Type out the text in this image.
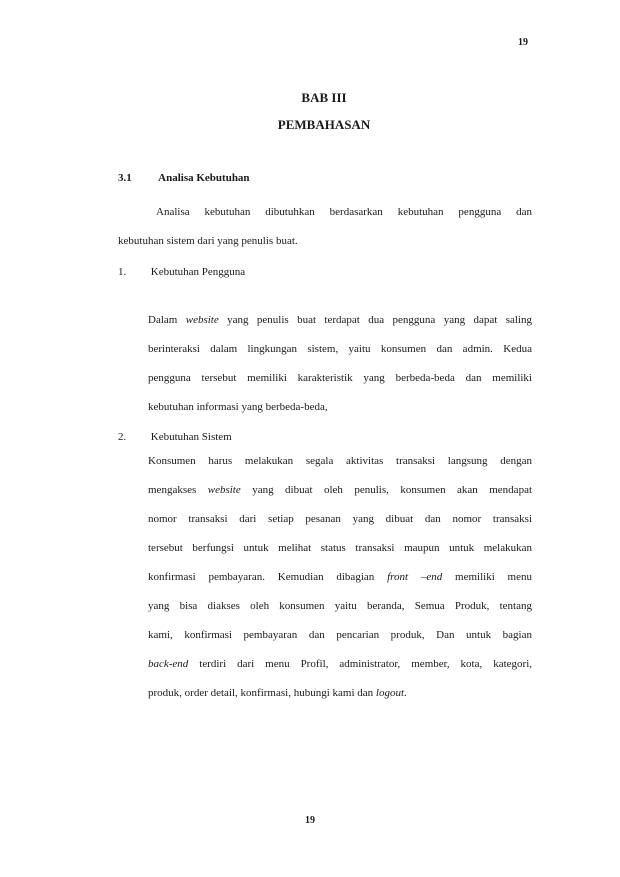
19
BAB III
PEMBAHASAN
3.1 Analisa Kebutuhan
Analisa kebutuhan dibutuhkan berdasarkan kebutuhan pengguna dan
kebutuhan sistem dari yang penulis buat.
1. Kebutuhan Pengguna
Dalam website yang penulis buat terdapat dua pengguna yang dapat saling
berinteraksi dalam lingkungan sistem, yaitu konsumen dan admin. Kedua
pengguna tersebut memiliki karakteristik yang berbeda-beda dan memiliki
kebutuhan informasi yang berbeda-beda,
2. Kebutuhan Sistem
Konsumen harus melakukan segala aktivitas transaksi langsung dengan
mengakses website yang dibuat oleh penulis, konsumen akan mendapat
nomor transaksi dari setiap pesanan yang dibuat dan nomor transaksi
tersebut berfungsi untuk melihat status transaksi maupun untuk melakukan
konfirmasi pembayaran. Kemudian dibagian front –end memiliki menu
yang bisa diakses oleh konsumen yaitu beranda, Semua Produk, tentang
kami, konfirmasi pembayaran dan pencarian produk, Dan untuk bagian
back-end terdiri dari menu Profil, administrator, member, kota, kategori,
produk, order detail, konfirmasi, hubungi kami dan logout.
19
